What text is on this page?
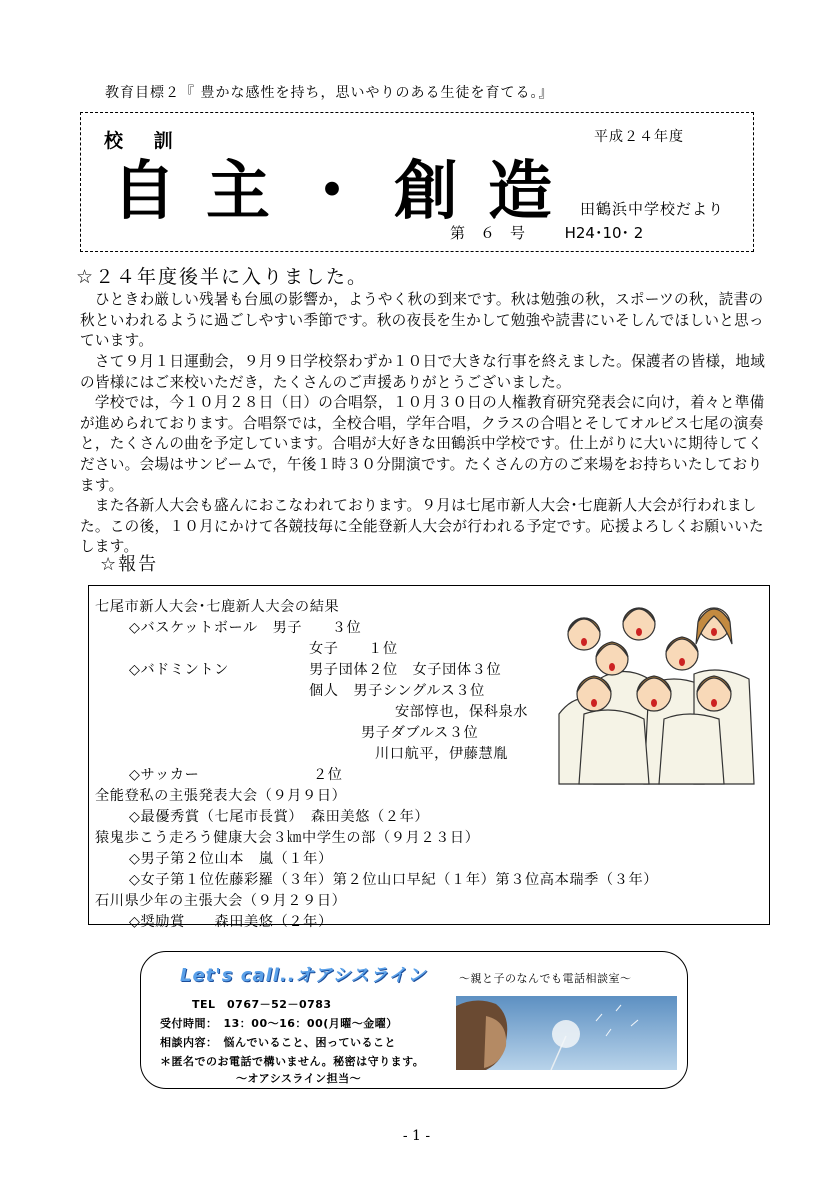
教育目標２『 豊かな感性を持ち，思いやりのある生徒を育てる。』
校 訓	平成２４年度
自主・創造
田鶴浜中学校だより
第　６　号	H24･10･ 2
☆２４年度後半に入りました。
　ひときわ厳しい残暑も台風の影響か，ようやく秋の到来です。秋は勉強の秋，スポーツの秋，読書の秋といわれるように過ごしやすい季節です。秋の夜長を生かして勉強や読書にいそしんでほしいと思っています。
　さて９月１日運動会，９月９日学校祭わずか１０日で大きな行事を終えました。保護者の皆様，地域の皆様にはご来校いただき，たくさんのご声援ありがとうございました。
　学校では，今１０月２８日（日）の合唱祭，１０月３０日の人権教育研究発表会に向け，着々と準備が進められております。合唱祭では，全校合唱，学年合唱，クラスの合唱とそしてオルビス七尾の演奏と，たくさんの曲を予定しています。合唱が大好きな田鶴浜中学校です。仕上がりに大いに期待してください。会場はサンビームで，午後１時３０分開演です。たくさんの方のご来場をお持ちいたしております。
　また各新人大会も盛んにおこなわれております。９月は七尾市新人大会･七鹿新人大会が行われました。この後，１０月にかけて各競技毎に全能登新人大会が行われる予定です。応援よろしくお願いいたします。
☆報告
七尾市新人大会･七鹿新人大会の結果
◇バスケットボール　男子　　３位
女子　　１位
◇バドミントン	男子団体２位　女子団体３位
個人　男子シングルス３位
安部惇也，保科泉水
男子ダブルス３位
川口航平，伊藤慧胤
◇サッカー	２位
全能登私の主張発表大会（９月９日）
◇最優秀賞（七尾市長賞）　森田美悠（２年）
猿鬼歩こう走ろう健康大会３㎞中学生の部（９月２３日）
◇男子第２位山本　嵐（１年）
◇女子第１位佐藤彩羅（３年）第２位山口早紀（１年）第３位高本瑞季（３年）
石川県少年の主張大会（９月２９日）
◇奨励賞　　森田美悠（２年）
Let's call..オアシスライン	～親と子のなんでも電話相談室～
TEL　0767－52－0783
受付時間：　13：00～16：00(月曜～金曜）
相談内容：　悩んでいること、困っていること
＊匿名でのお電話で構いません。秘密は守ります。
～オアシスライン担当～
- 1 -
